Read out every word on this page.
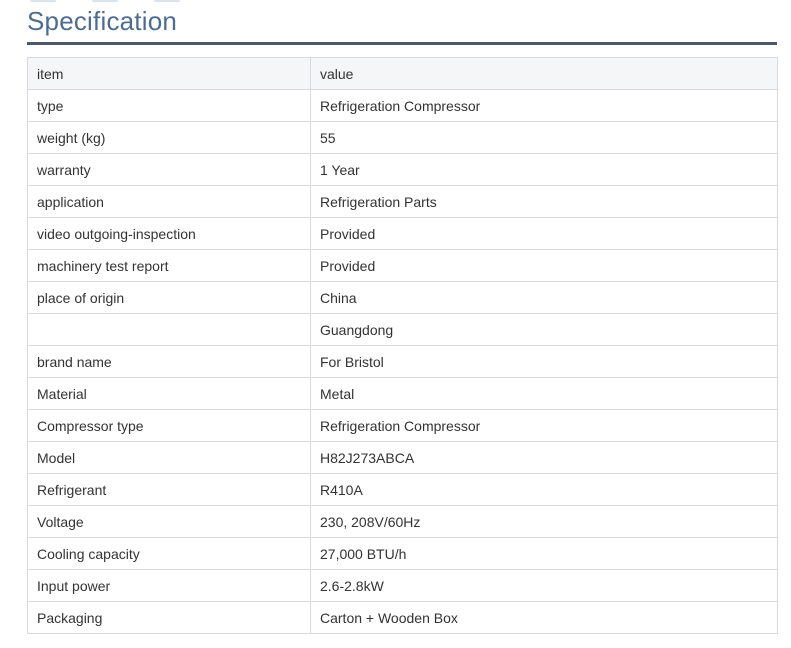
Specification
item	value
type	Refrigeration Compressor
weight (kg)	55
warranty	1 Year
application	Refrigeration Parts
video outgoing-inspection	Provided
machinery test report	Provided
place of origin	China
	Guangdong
brand name	For Bristol
Material	Metal
Compressor type	Refrigeration Compressor
Model	H82J273ABCA
Refrigerant	R410A
Voltage	230, 208V/60Hz
Cooling capacity	27,000 BTU/h
Input power	2.6-2.8kW
Packaging	Carton + Wooden Box
